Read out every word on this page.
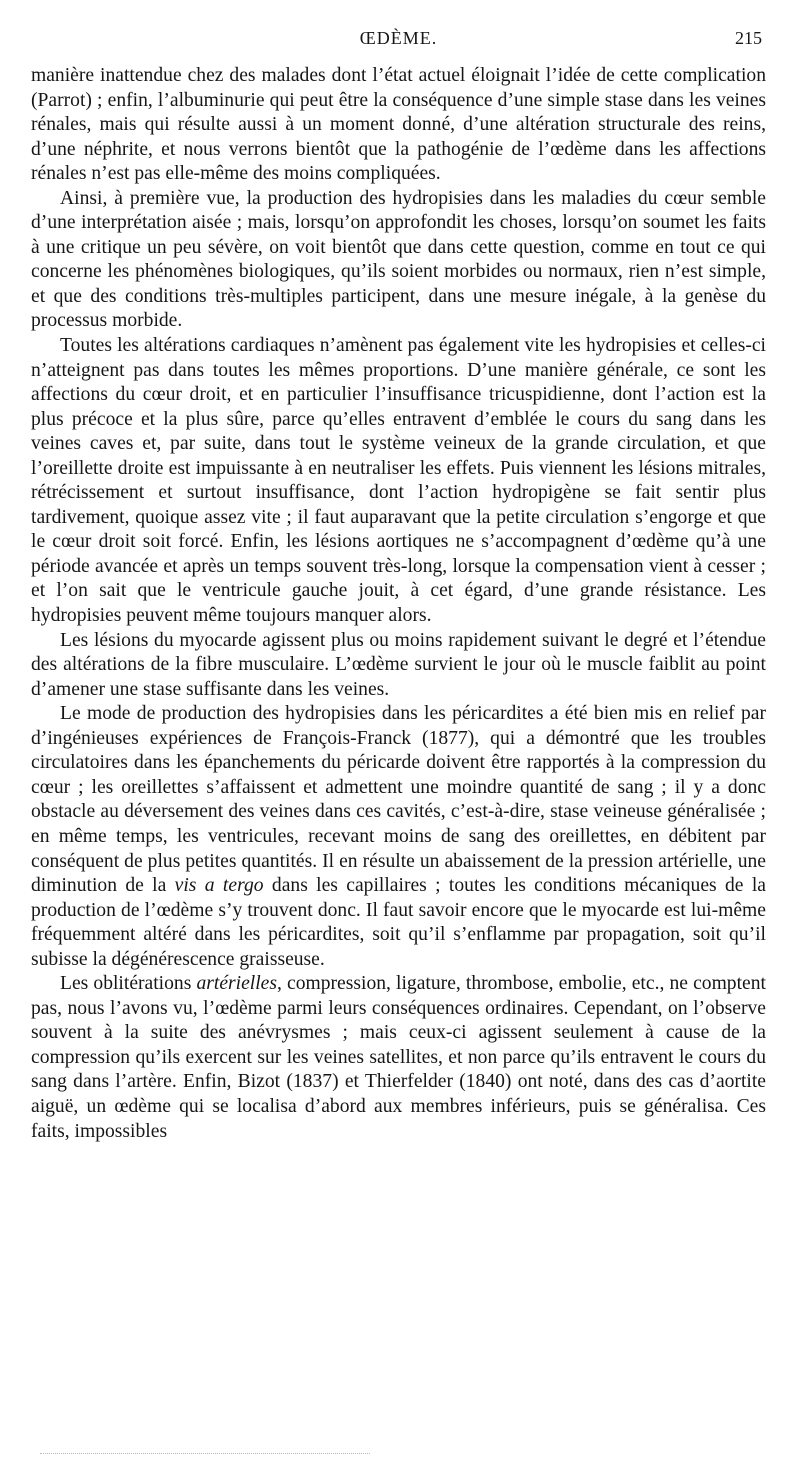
ŒDÈME.	215

manière inattendue chez des malades dont l’état actuel éloignait l’idée de cette complication (Parrot) ; enfin, l’albuminurie qui peut être la conséquence d’une simple stase dans les veines rénales, mais qui résulte aussi à un moment donné, d’une altération structurale des reins, d’une néphrite, et nous verrons bientôt que la pathogénie de l’œdème dans les affections rénales n’est pas elle-même des moins compliquées.

Ainsi, à première vue, la production des hydropisies dans les maladies du cœur semble d’une interprétation aisée ; mais, lorsqu’on approfondit les choses, lorsqu’on soumet les faits à une critique un peu sévère, on voit bientôt que dans cette question, comme en tout ce qui concerne les phénomènes biologiques, qu’ils soient morbides ou normaux, rien n’est simple, et que des conditions très-multiples participent, dans une mesure inégale, à la genèse du processus morbide.

Toutes les altérations cardiaques n’amènent pas également vite les hydropisies et celles-ci n’atteignent pas dans toutes les mêmes proportions. D’une manière générale, ce sont les affections du cœur droit, et en particulier l’insuffisance tricuspidienne, dont l’action est la plus précoce et la plus sûre, parce qu’elles entravent d’emblée le cours du sang dans les veines caves et, par suite, dans tout le système veineux de la grande circulation, et que l’oreillette droite est impuissante à en neutraliser les effets. Puis viennent les lésions mitrales, rétrécissement et surtout insuffisance, dont l’action hydropigène se fait sentir plus tardivement, quoique assez vite ; il faut auparavant que la petite circulation s’engorge et que le cœur droit soit forcé. Enfin, les lésions aortiques ne s’accompagnent d’œdème qu’à une période avancée et après un temps souvent très-long, lorsque la compensation vient à cesser ; et l’on sait que le ventricule gauche jouit, à cet égard, d’une grande résistance. Les hydropisies peuvent même toujours manquer alors.

Les lésions du myocarde agissent plus ou moins rapidement suivant le degré et l’étendue des altérations de la fibre musculaire. L’œdème survient le jour où le muscle faiblit au point d’amener une stase suffisante dans les veines.

Le mode de production des hydropisies dans les péricardites a été bien mis en relief par d’ingénieuses expériences de François-Franck (1877), qui a démontré que les troubles circulatoires dans les épanchements du péricarde doivent être rapportés à la compression du cœur ; les oreillettes s’affaissent et admettent une moindre quantité de sang ; il y a donc obstacle au déversement des veines dans ces cavités, c’est-à-dire, stase veineuse généralisée ; en même temps, les ventricules, recevant moins de sang des oreillettes, en débitent par conséquent de plus petites quantités. Il en résulte un abaissement de la pression artérielle, une diminution de la vis a tergo dans les capillaires ; toutes les conditions mécaniques de la production de l’œdème s’y trouvent donc. Il faut savoir encore que le myocarde est lui-même fréquemment altéré dans les péricardites, soit qu’il s’enflamme par propagation, soit qu’il subisse la dégénérescence graisseuse.

Les oblitérations artérielles, compression, ligature, thrombose, embolie, etc., ne comptent pas, nous l’avons vu, l’œdème parmi leurs conséquences ordinaires. Cependant, on l’observe souvent à la suite des anévrysmes ; mais ceux-ci agissent seulement à cause de la compression qu’ils exercent sur les veines satellites, et non parce qu’ils entravent le cours du sang dans l’artère. Enfin, Bizot (1837) et Thierfelder (1840) ont noté, dans des cas d’aortite aiguë, un œdème qui se localisa d’abord aux membres inférieurs, puis se généralisa. Ces faits, impossibles
